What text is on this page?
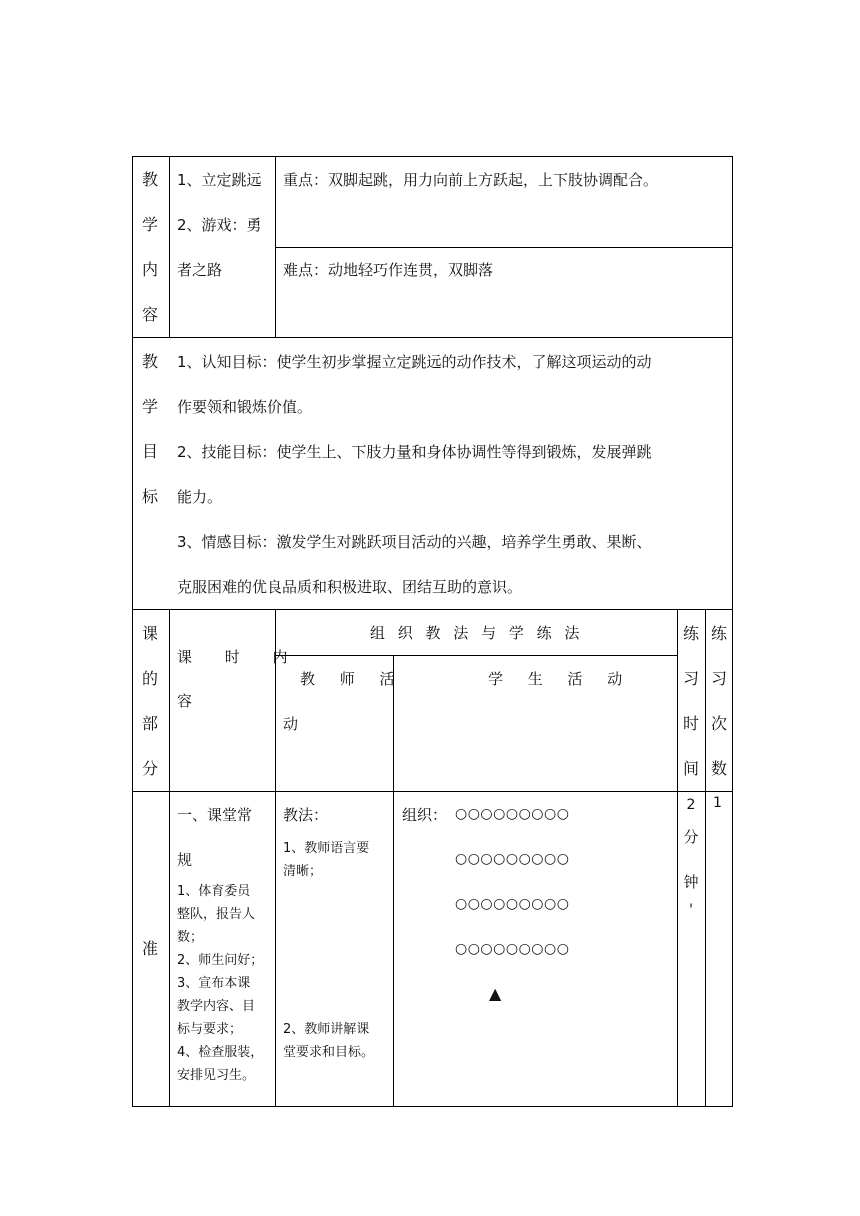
教
学
内
容
1、立定跳远
2、游戏：勇
者之路
重点：双脚起跳，用力向前上方跃起，上下肢协调配合。
难点：动地轻巧作连贯，双脚落
教
学
目
标
1、认知目标：使学生初步掌握立定跳远的动作技术，了解这项运动的动
作要领和锻炼价值。
2、技能目标：使学生上、下肢力量和身体协调性等得到锻炼，发展弹跳
能力。
3、情感目标：激发学生对跳跃项目活动的兴趣，培养学生勇敢、果断、
克服困难的优良品质和积极进取、团结互助的意识。
课
的
部
分
课 时 内
容
组 织 教 法 与 学 练 法
教 师 活
动
学 生 活 动
练
习
时
间
练
习
次
数
准
一、课堂常
规
1、体育委员
整队，报告人
数；
2、师生问好；
3、宣布本课
教学内容、目
标与要求；
4、检查服装，
安排见习生。
教法：
1、教师语言要
清晰；
2、教师讲解课
堂要求和目标。
组织： ○○○○○○○○○
○○○○○○○○○
○○○○○○○○○
○○○○○○○○○
▲
2
分
钟
'
1
